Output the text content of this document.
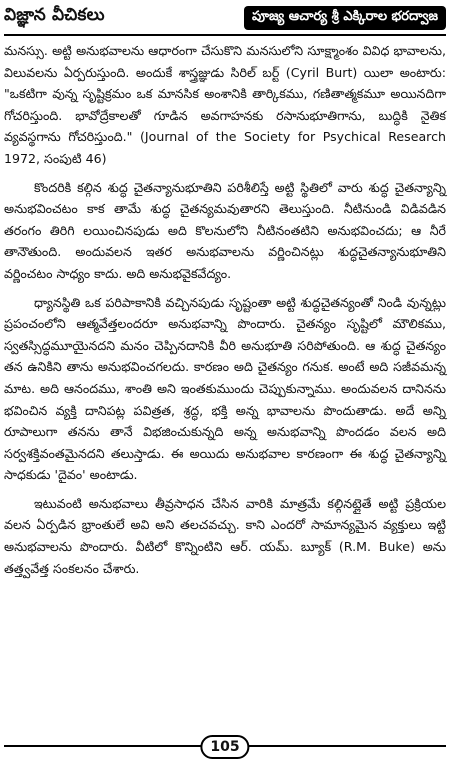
విజ్ఞాన వీచికలు	పూజ్య ఆచార్య శ్రీ ఎక్కిరాల భరద్వాజ

మనస్సు. అట్టి అనుభవాలను ఆధారంగా చేసుకొని మనసులోని సూక్ష్మాంశం వివిధ భావాలను, విలువలను ఏర్పరుస్తుంది. అందుకే శాస్త్రజ్ఞుడు సిరిల్ బర్ట్ (Cyril Burt) యిలా అంటారు: "ఒకటిగా వున్న సృష్టిక్రమం ఒక మానసిక అంశానికి తార్కికము, గణితాత్మకమూ అయినదిగా గోచరిస్తుంది. భావోద్రేకాలతో గూడిన అవగాహనకు రసానుభూతిగాను, బుద్ధికి నైతిక వ్యవస్థగాను గోచరిస్తుంది." (Journal of the Society for Psychical Research 1972, సంపుటి 46)

కొందరికి కల్గిన శుద్ధ చైతన్యానుభూతిని పరిశీలిస్తే అట్టి స్థితిలో వారు శుద్ధ చైతన్యాన్ని అనుభవించటం కాక తామే శుద్ధ చైతన్యమవుతారని తెలుస్తుంది. నీటినుండి విడివడిన తరంగం తిరిగి లయించినపుడు అది కొలనులోని నీటినంతటిని అనుభవించదు; ఆ నీరే తానౌతుంది. అందువలన ఇతర అనుభవాలను వర్ణించినట్లు శుద్ధచైతన్యానుభూతిని వర్ణించటం సాధ్యం కాదు. అది అనుభవైకవేద్యం.

ధ్యానస్థితి ఒక పరిపాకానికి వచ్చినపుడు సృష్టంతా అట్టి శుద్ధచైతన్యంతో నిండి వున్నట్లు ప్రపంచంలోని ఆత్మవేత్తలందరూ అనుభవాన్ని పొందారు. చైతన్యం సృష్టిలో మౌలికము, స్వతస్సిద్ధమూయైనదని మనం చెప్పినదానికి వీరి అనుభూతి సరిపోతుంది. ఆ శుద్ధ చైతన్యం తన ఉనికిని తాను అనుభవించగలదు. కారణం అది చైతన్యం గనుక. అంటే అది సజీవమన్న మాట. అది ఆనందము, శాంతి అని ఇంతకుముందు చెప్పుకున్నాము. అందువలన దానినను భవించిన వ్యక్తి దానిపట్ల పవిత్రత, శ్రద్ధ, భక్తి అన్న భావాలను పొందుతాడు. అదే అన్ని రూపాలుగా తనను తానే విభజించుకున్నది అన్న అనుభవాన్ని పొందడం వలన అది సర్వశక్తివంతమైనదని తలుస్తాడు. ఈ అయిదు అనుభవాల కారణంగా ఈ శుద్ధ చైతన్యాన్ని సాధకుడు 'దైవం' అంటాడు.

ఇటువంటి అనుభవాలు తీవ్రసాధన చేసిన వారికి మాత్రమే కల్గినట్లైతే అట్టి ప్రక్రియల వలన ఏర్పడిన భ్రాంతులే అవి అని తలచవచ్చు. కాని ఎందరో సామాన్యమైన వ్యక్తులు ఇట్టి అనుభవాలను పొందారు. వీటిలో కొన్నింటిని ఆర్. యమ్. బ్యూక్ (R.M. Buke) అను తత్త్వవేత్త సంకలనం చేశారు.

105
